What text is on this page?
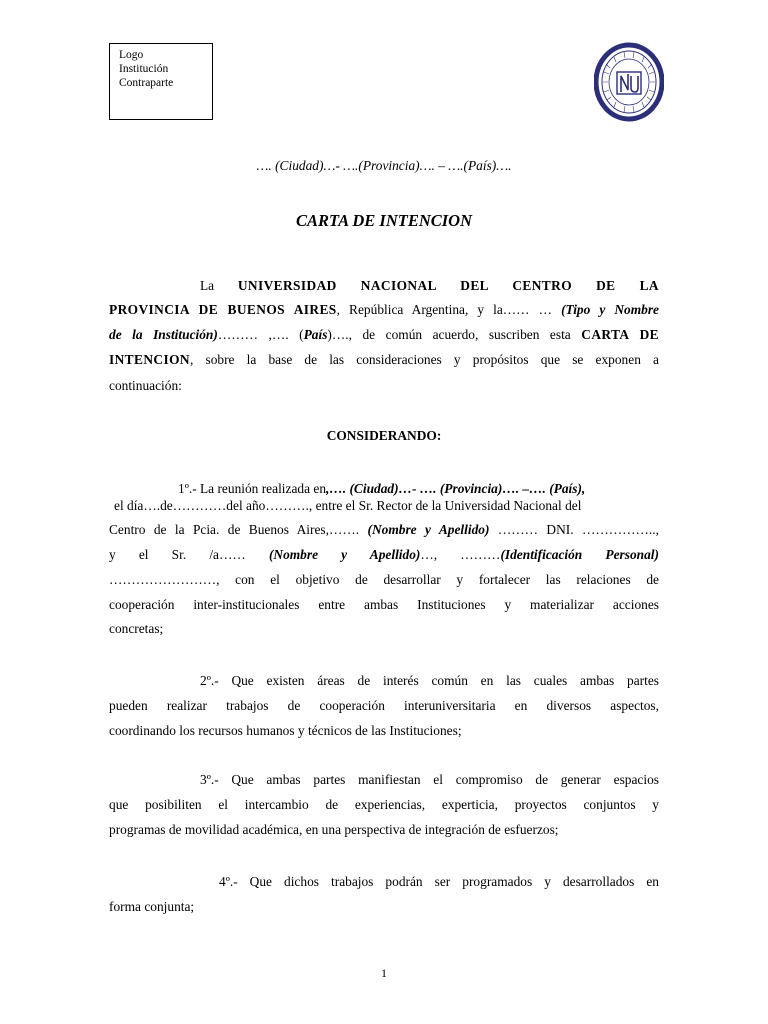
Logo
Institución
Contraparte
…. (Ciudad)…- ….(Provincia)…. – ….(País)….
CARTA DE INTENCION
La UNIVERSIDAD NACIONAL DEL CENTRO DE LA
PROVINCIA DE BUENOS AIRES, República Argentina, y la…… … (Tipo y Nombre
de la Institución)……… ,…. (País)…., de común acuerdo, suscriben esta CARTA DE
INTENCION, sobre la base de las consideraciones y propósitos que se exponen a
continuación:
CONSIDERANDO:
1º.- La reunión realizada en,…. (Ciudad)…- …. (Provincia)…. –…. (País),
el día….de…………del año………., entre el Sr. Rector de la Universidad Nacional del
Centro de la Pcia. de Buenos Aires,……. (Nombre y Apellido) ……… DNI. ……………..,
y el Sr. /a…… (Nombre y Apellido)…, ………(Identificación Personal)
……………………, con el objetivo de desarrollar y fortalecer las relaciones de
cooperación inter-institucionales entre ambas Instituciones y materializar acciones
concretas;
2º.- Que existen áreas de interés común en las cuales ambas partes
pueden realizar trabajos de cooperación interuniversitaria en diversos aspectos,
coordinando los recursos humanos y técnicos de las Instituciones;
3º.- Que ambas partes manifiestan el compromiso de generar espacios
que posibiliten el intercambio de experiencias, experticia, proyectos conjuntos y
programas de movilidad académica, en una perspectiva de integración de esfuerzos;
4º.- Que dichos trabajos podrán ser programados y desarrollados en
forma conjunta;
1
